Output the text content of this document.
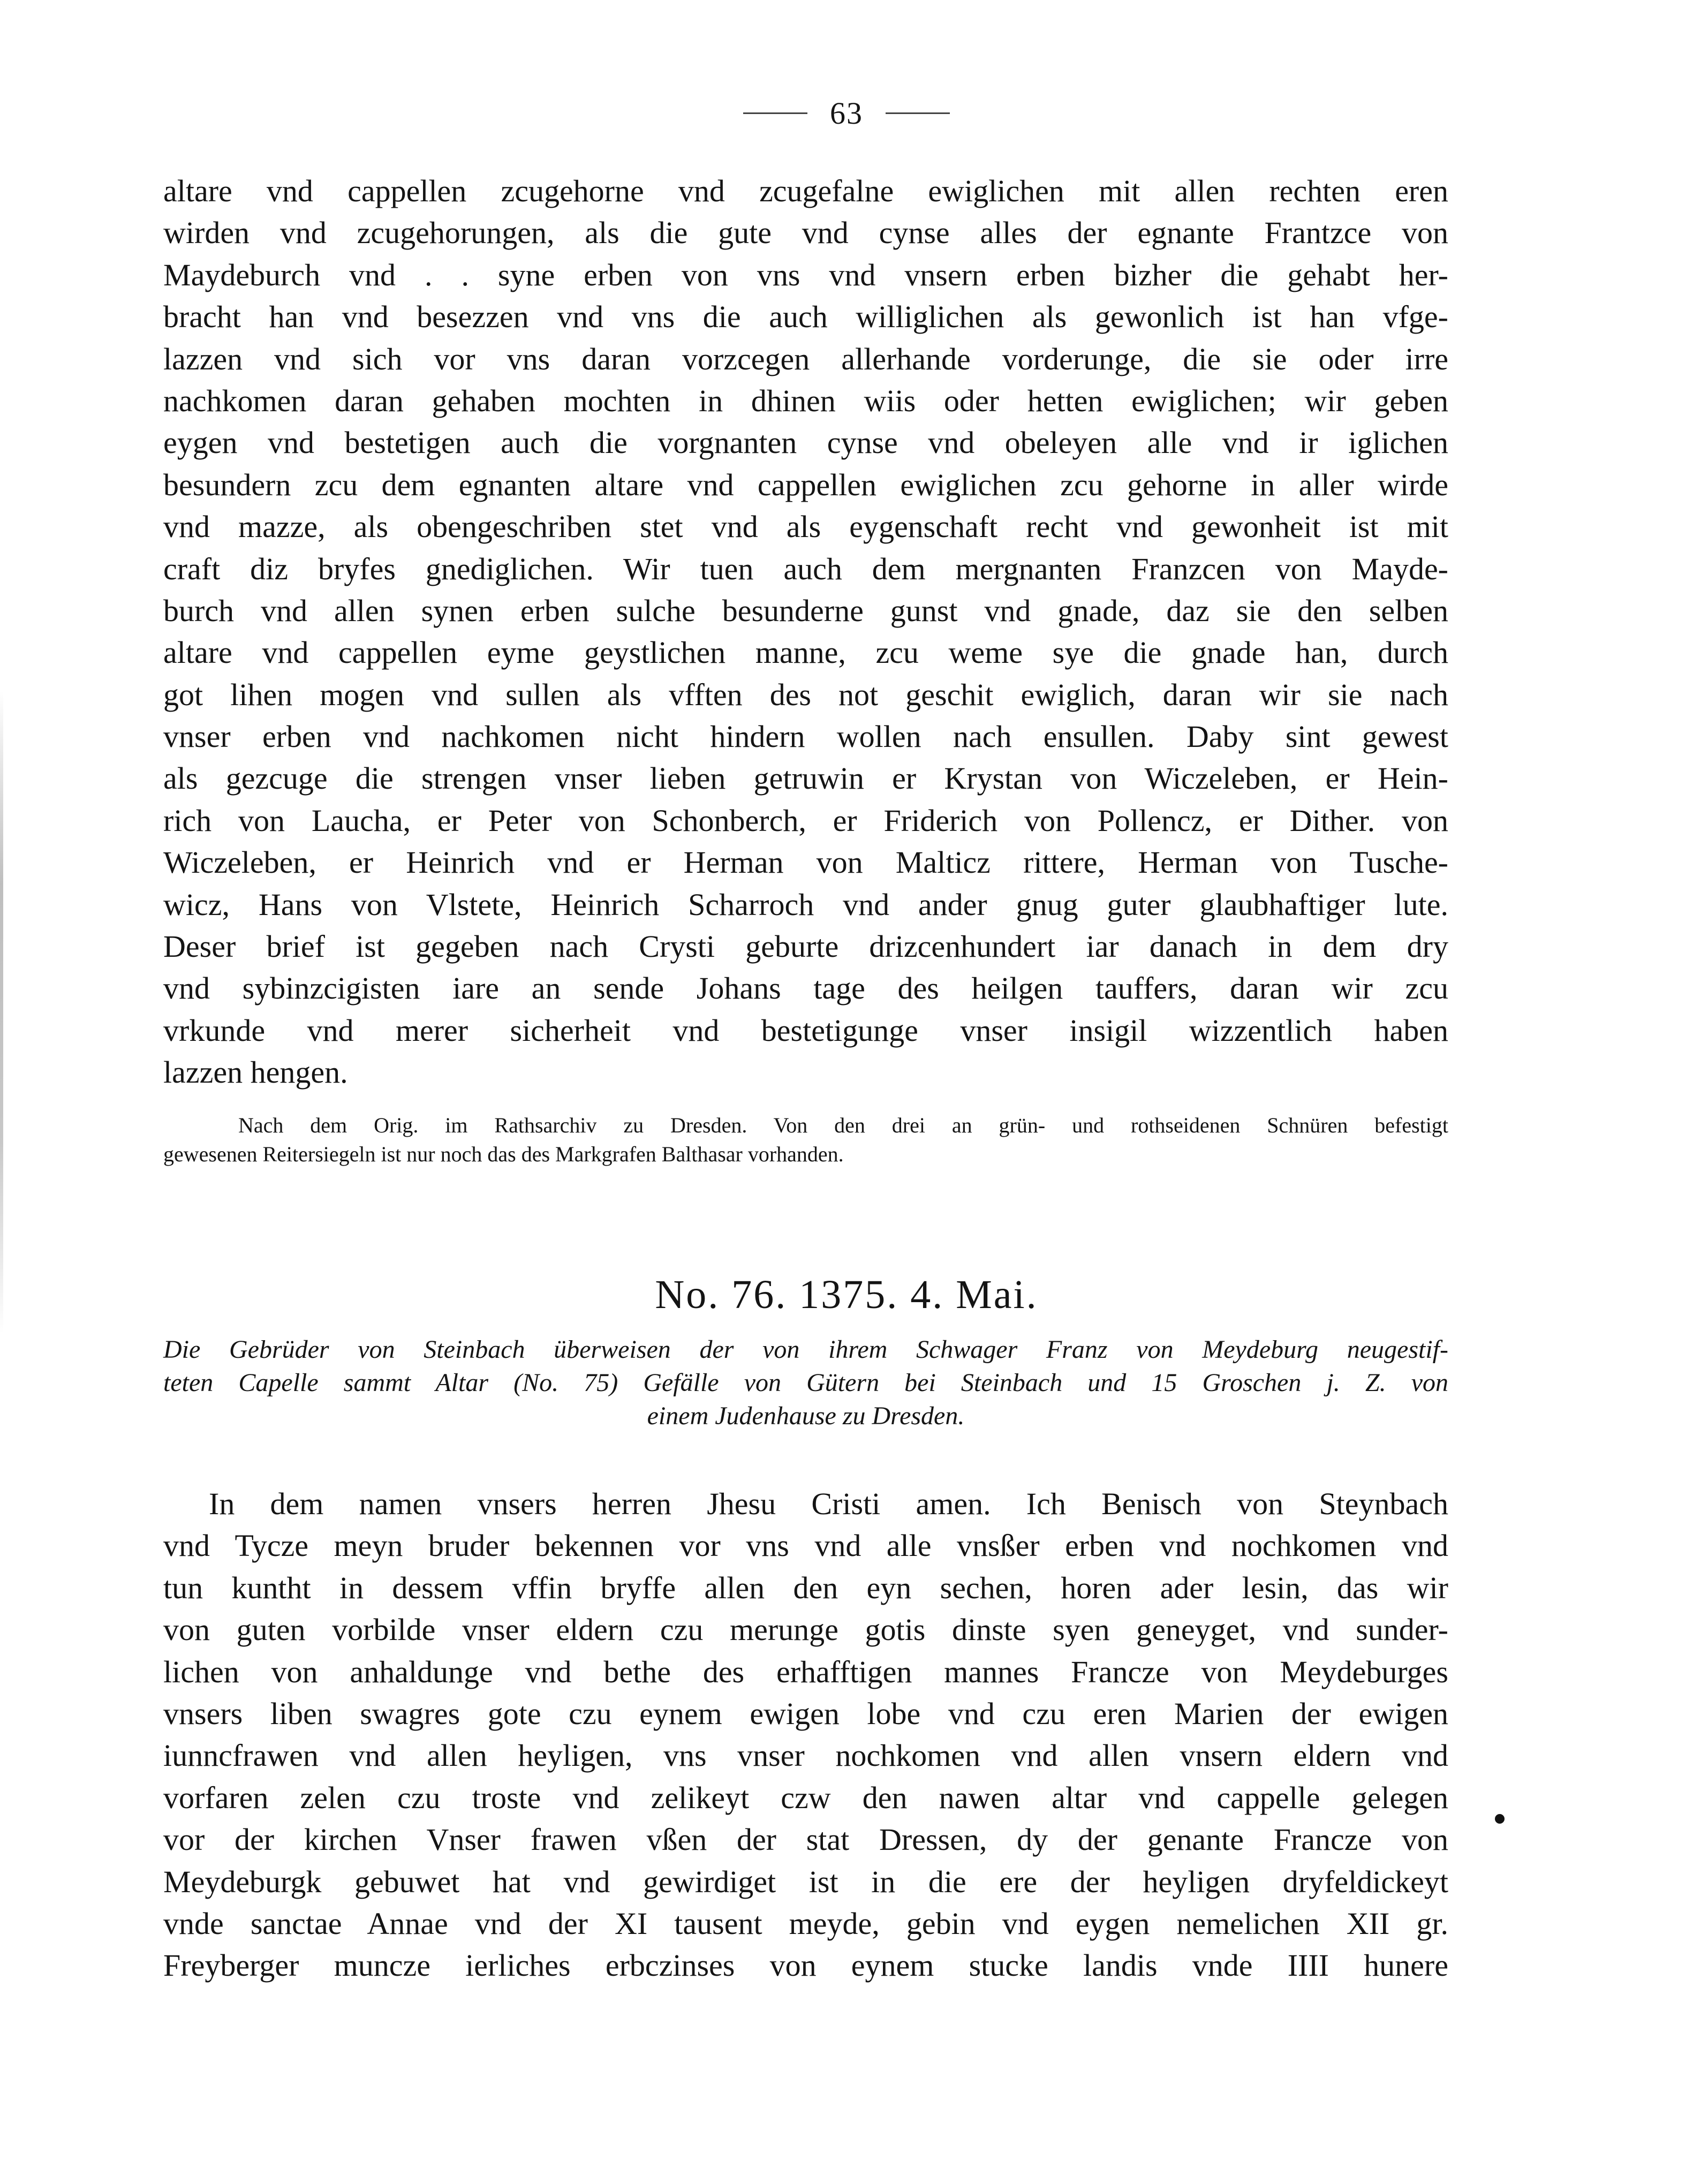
63
altare vnd cappellen zcugehorne vnd zcugefalne ewiglichen mit allen rechten eren
wirden vnd zcugehorungen, als die gute vnd cynse alles der egnante Frantzce von
Maydeburch vnd . . syne erben von vns vnd vnsern erben bizher die gehabt her-
bracht han vnd besezzen vnd vns die auch williglichen als gewonlich ist han vfge-
lazzen vnd sich vor vns daran vorzcegen allerhande vorderunge, die sie oder irre
nachkomen daran gehaben mochten in dhinen wiis oder hetten ewiglichen; wir geben
eygen vnd bestetigen auch die vorgnanten cynse vnd obeleyen alle vnd ir iglichen
besundern zcu dem egnanten altare vnd cappellen ewiglichen zcu gehorne in aller wirde
vnd mazze, als obengeschriben stet vnd als eygenschaft recht vnd gewonheit ist mit
craft diz bryfes gnediglichen. Wir tuen auch dem mergnanten Franzcen von Mayde-
burch vnd allen synen erben sulche besunderne gunst vnd gnade, daz sie den selben
altare vnd cappellen eyme geystlichen manne, zcu weme sye die gnade han, durch
got lihen mogen vnd sullen als vfften des not geschit ewiglich, daran wir sie nach
vnser erben vnd nachkomen nicht hindern wollen nach ensullen. Daby sint gewest
als gezcuge die strengen vnser lieben getruwin er Krystan von Wiczeleben, er Hein-
rich von Laucha, er Peter von Schonberch, er Friderich von Pollencz, er Dither. von
Wiczeleben, er Heinrich vnd er Herman von Malticz rittere, Herman von Tusche-
wicz, Hans von Vlstete, Heinrich Scharroch vnd ander gnug guter glaubhaftiger lute.
Deser brief ist gegeben nach Crysti geburte drizcenhundert iar danach in dem dry
vnd sybinzcigisten iare an sende Johans tage des heilgen tauffers, daran wir zcu
vrkunde vnd merer sicherheit vnd bestetigunge vnser insigil wizzentlich haben
lazzen hengen.
Nach dem Orig. im Rathsarchiv zu Dresden. Von den drei an grün- und rothseidenen Schnüren befestigt
gewesenen Reitersiegeln ist nur noch das des Markgrafen Balthasar vorhanden.
No. 76. 1375. 4. Mai.
Die Gebrüder von Steinbach überweisen der von ihrem Schwager Franz von Meydeburg neugestif-
teten Capelle sammt Altar (No. 75) Gefälle von Gütern bei Steinbach und 15 Groschen j. Z. von
einem Judenhause zu Dresden.
In dem namen vnsers herren Jhesu Cristi amen. Ich Benisch von Steynbach
vnd Tycze meyn bruder bekennen vor vns vnd alle vnsßer erben vnd nochkomen vnd
tun kuntht in dessem vffin bryffe allen den eyn sechen, horen ader lesin, das wir
von guten vorbilde vnser eldern czu merunge gotis dinste syen geneyget, vnd sunder-
lichen von anhaldunge vnd bethe des erhafftigen mannes Francze von Meydeburges
vnsers liben swagres gote czu eynem ewigen lobe vnd czu eren Marien der ewigen
iunncfrawen vnd allen heyligen, vns vnser nochkomen vnd allen vnsern eldern vnd
vorfaren zelen czu troste vnd zelikeyt czw den nawen altar vnd cappelle gelegen
vor der kirchen Vnser frawen vßen der stat Dressen, dy der genante Francze von
Meydeburgk gebuwet hat vnd gewirdiget ist in die ere der heyligen dryfeldickeyt
vnde sanctae Annae vnd der XI tausent meyde, gebin vnd eygen nemelichen XII gr.
Freyberger muncze ierliches erbczinses von eynem stucke landis vnde IIII hunere
